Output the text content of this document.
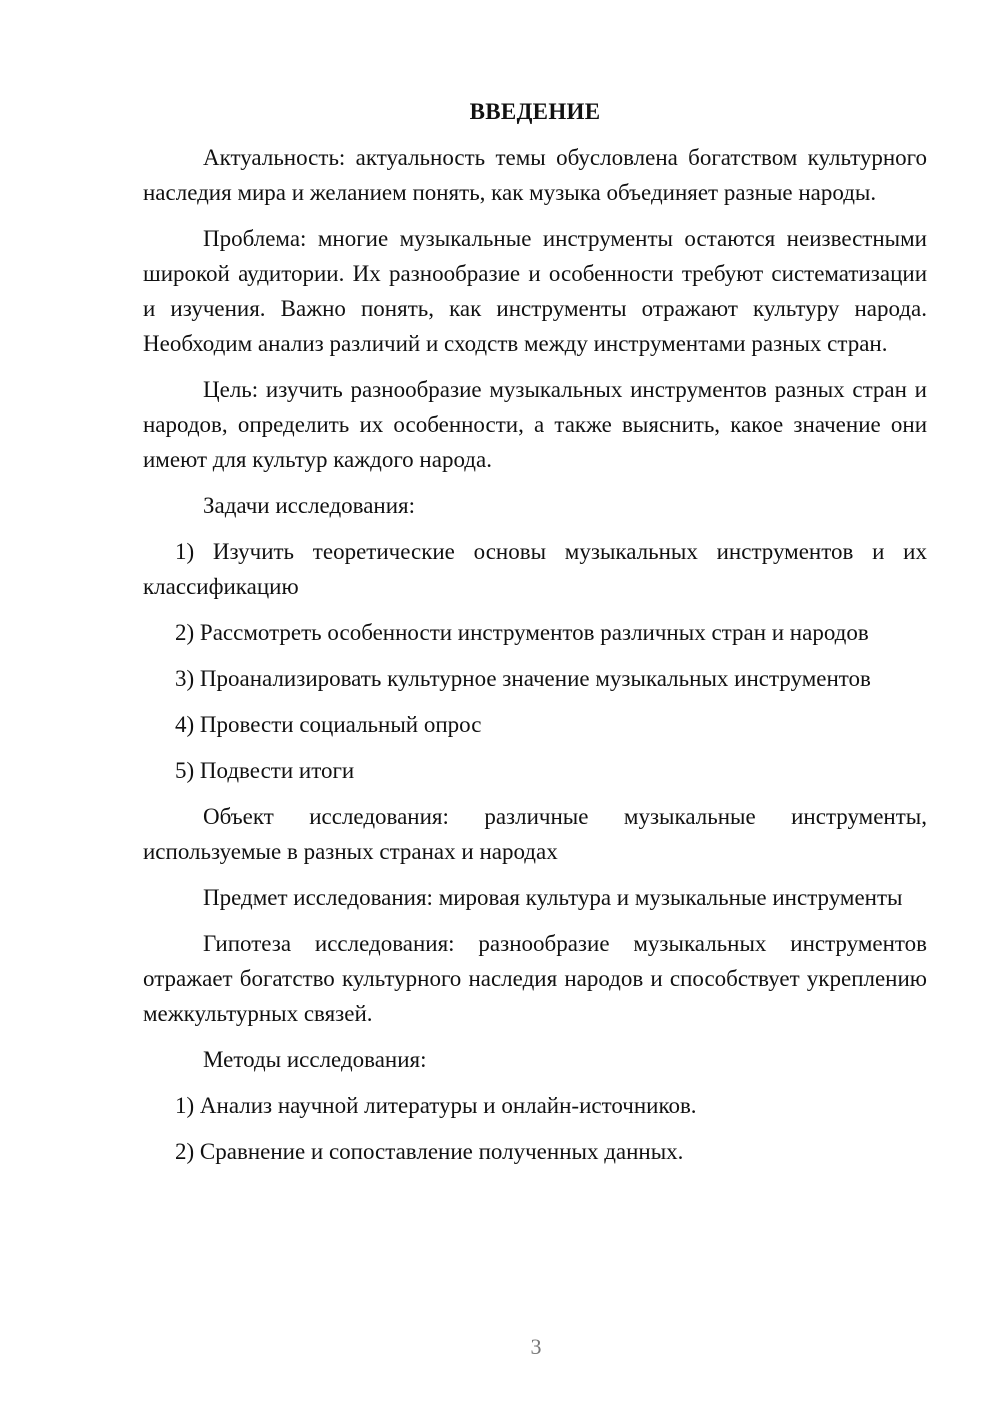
ВВЕДЕНИЕ

Актуальность: актуальность темы обусловлена богатством культурного наследия мира и желанием понять, как музыка объединяет разные народы.

Проблема: многие музыкальные инструменты остаются неизвестными широкой аудитории. Их разнообразие и особенности требуют систематизации и изучения. Важно понять, как инструменты отражают культуру народа. Необходим анализ различий и сходств между инструментами разных стран.

Цель: изучить разнообразие музыкальных инструментов разных стран и народов, определить их особенности, а также выяснить, какое значение они имеют для культур каждого народа.

Задачи исследования:

1) Изучить теоретические основы музыкальных инструментов и их классификацию

2) Рассмотреть особенности инструментов различных стран и народов

3) Проанализировать культурное значение музыкальных инструментов

4) Провести социальный опрос

5) Подвести итоги

Объект исследования: различные музыкальные инструменты, используемые в разных странах и народах

Предмет исследования: мировая культура и музыкальные инструменты

Гипотеза исследования: разнообразие музыкальных инструментов отражает богатство культурного наследия народов и способствует укреплению межкультурных связей.

Методы исследования:

1) Анализ научной литературы и онлайн-источников.

2) Сравнение и сопоставление полученных данных.

3
